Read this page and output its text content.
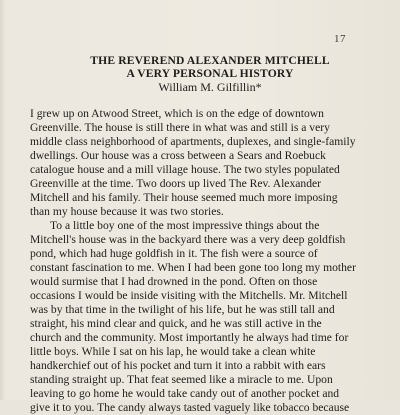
17
THE REVEREND ALEXANDER MITCHELL
A VERY PERSONAL HISTORY
William M. Gilfillin*
I grew up on Atwood Street, which is on the edge of downtown
Greenville. The house is still there in what was and still is a very
middle class neighborhood of apartments, duplexes, and single-family
dwellings. Our house was a cross between a Sears and Roebuck
catalogue house and a mill village house. The two styles populated
Greenville at the time. Two doors up lived The Rev. Alexander
Mitchell and his family. Their house seemed much more imposing
than my house because it was two stories.
To a little boy one of the most impressive things about the
Mitchell's house was in the backyard there was a very deep goldfish
pond, which had huge goldfish in it. The fish were a source of
constant fascination to me. When I had been gone too long my mother
would surmise that I had drowned in the pond. Often on those
occasions I would be inside visiting with the Mitchells. Mr. Mitchell
was by that time in the twilight of his life, but he was still tall and
straight, his mind clear and quick, and he was still active in the
church and the community. Most importantly he always had time for
little boys. While I sat on his lap, he would take a clean white
handkerchief out of his pocket and turn it into a rabbit with ears
standing straight up. That feat seemed like a miracle to me. Upon
leaving to go home he would take candy out of another pocket and
give it to you. The candy always tasted vaguely like tobacco because
